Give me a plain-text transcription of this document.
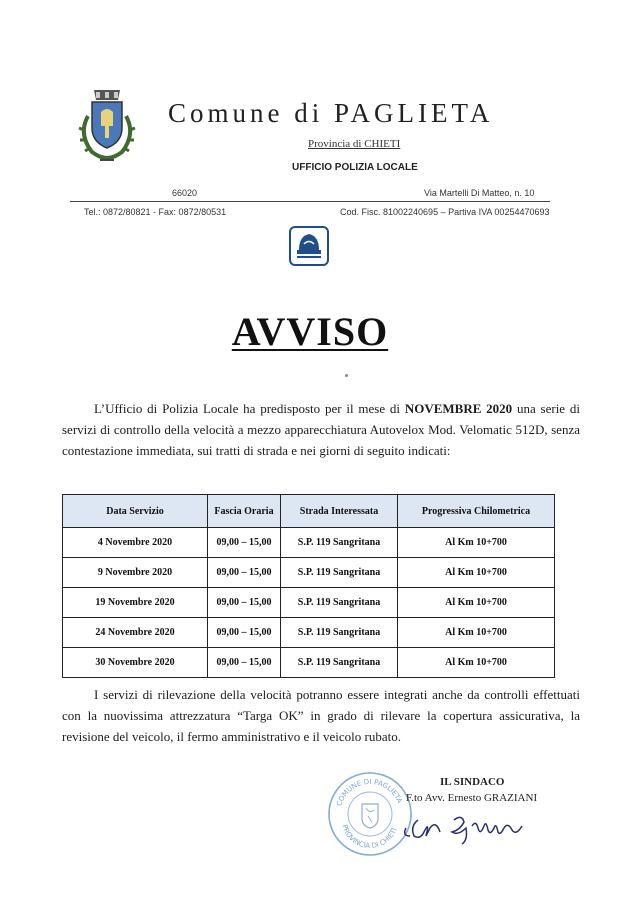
Comune di PAGLIETA
Provincia di CHIETI
UFFICIO POLIZIA LOCALE
66020	Via Martelli Di Matteo, n. 10
Tel.: 0872/80821 - Fax: 0872/80531	Cod. Fisc. 81002240695 – Partiva IVA 00254470693
AVVISO
L’Ufficio di Polizia Locale ha predisposto per il mese di NOVEMBRE 2020 una serie di servizi di controllo della velocità a mezzo apparecchiatura Autovelox Mod. Velomatic 512D, senza contestazione immediata, sui tratti di strada e nei giorni di seguito indicati:
Data Servizio	Fascia Oraria	Strada Interessata	Progressiva Chilometrica
4 Novembre 2020	09,00 – 15,00	S.P. 119 Sangritana	Al Km 10+700
9 Novembre 2020	09,00 – 15,00	S.P. 119 Sangritana	Al Km 10+700
19 Novembre 2020	09,00 – 15,00	S.P. 119 Sangritana	Al Km 10+700
24 Novembre 2020	09,00 – 15,00	S.P. 119 Sangritana	Al Km 10+700
30 Novembre 2020	09,00 – 15,00	S.P. 119 Sangritana	Al Km 10+700
I servizi di rilevazione della velocità potranno essere integrati anche da controlli effettuati con la nuovissima attrezzatura “Targa OK” in grado di rilevare la copertura assicurativa, la revisione del veicolo, il fermo amministrativo e il veicolo rubato.
COMUNE DI PAGLIETA
PROVINCIA DI CHIETI
IL SINDACO
F.to Avv. Ernesto GRAZIANI
